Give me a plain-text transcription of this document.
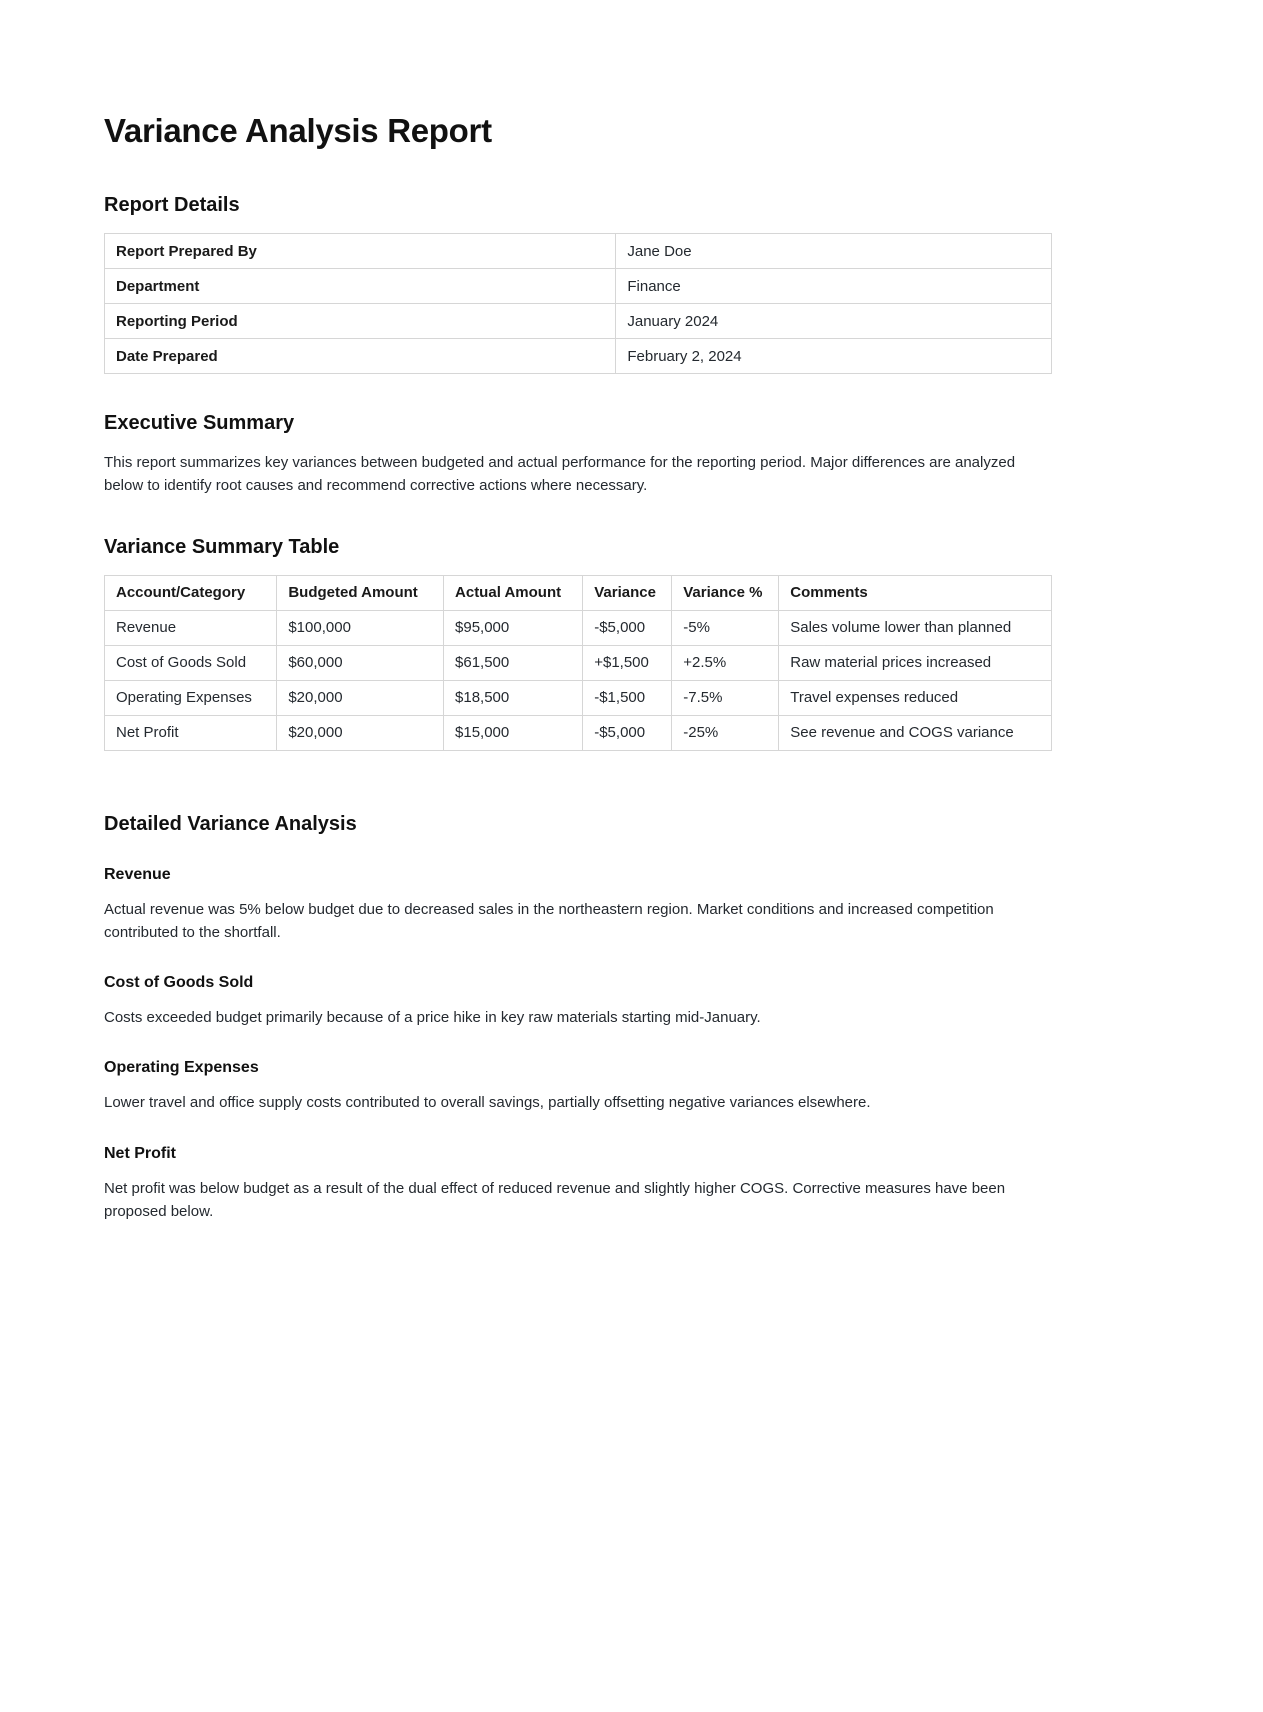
Variance Analysis Report
Report Details
Report Prepared By	Jane Doe
Department	Finance
Reporting Period	January 2024
Date Prepared	February 2, 2024
Executive Summary

This report summarizes key variances between budgeted and actual performance for the reporting period. Major differences are analyzed below to identify root causes and recommend corrective actions where necessary.

Variance Summary Table
Account/Category	Budgeted Amount	Actual Amount	Variance	Variance %	Comments
Revenue	$100,000	$95,000	-$5,000	-5%	Sales volume lower than planned
Cost of Goods Sold	$60,000	$61,500	+$1,500	+2.5%	Raw material prices increased
Operating Expenses	$20,000	$18,500	-$1,500	-7.5%	Travel expenses reduced
Net Profit	$20,000	$15,000	-$5,000	-25%	See revenue and COGS variance
Detailed Variance Analysis
Revenue

Actual revenue was 5% below budget due to decreased sales in the northeastern region. Market conditions and increased competition contributed to the shortfall.

Cost of Goods Sold

Costs exceeded budget primarily because of a price hike in key raw materials starting mid-January.

Operating Expenses

Lower travel and office supply costs contributed to overall savings, partially offsetting negative variances elsewhere.

Net Profit

Net profit was below budget as a result of the dual effect of reduced revenue and slightly higher COGS. Corrective measures have been proposed below.
